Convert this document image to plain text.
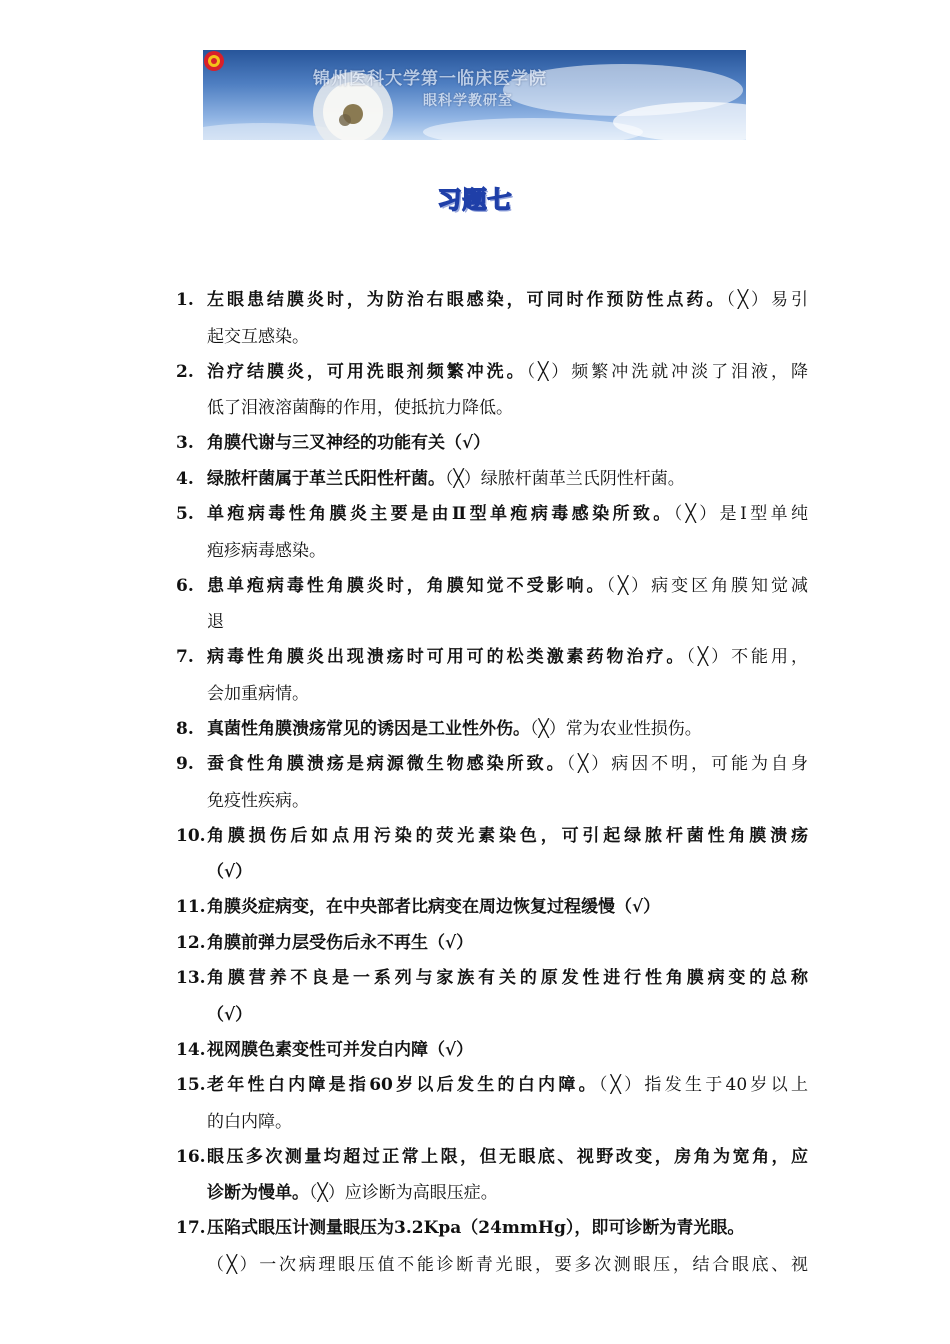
锦州医科大学第一临床医学院
眼科学教研室
习题七
1. 左眼患结膜炎时，为防治右眼感染，可同时作预防性点药。（╳）易引
起交互感染。
2. 治疗结膜炎，可用洗眼剂频繁冲洗。（╳）频繁冲洗就冲淡了泪液，降
低了泪液溶菌酶的作用，使抵抗力降低。
3. 角膜代谢与三叉神经的功能有关（√）
4. 绿脓杆菌属于革兰氏阳性杆菌。（╳）绿脓杆菌革兰氏阴性杆菌。
5. 单疱病毒性角膜炎主要是由Ⅱ型单疱病毒感染所致。（╳）是Ⅰ型单纯
疱疹病毒感染。
6. 患单疱病毒性角膜炎时，角膜知觉不受影响。（╳）病变区角膜知觉减
退
7. 病毒性角膜炎出现溃疡时可用可的松类激素药物治疗。（╳）不能用，
会加重病情。
8. 真菌性角膜溃疡常见的诱因是工业性外伤。（╳）常为农业性损伤。
9. 蚕食性角膜溃疡是病源微生物感染所致。（╳）病因不明，可能为自身
免疫性疾病。
10. 角膜损伤后如点用污染的荧光素染色，可引起绿脓杆菌性角膜溃疡
（√）
11. 角膜炎症病变，在中央部者比病变在周边恢复过程缓慢（√）
12. 角膜前弹力层受伤后永不再生（√）
13. 角膜营养不良是一系列与家族有关的原发性进行性角膜病变的总称
（√）
14. 视网膜色素变性可并发白内障（√）
15. 老年性白内障是指60岁以后发生的白内障。（╳）指发生于40岁以上
的白内障。
16. 眼压多次测量均超过正常上限，但无眼底、视野改变，房角为宽角，应
诊断为慢单。（╳）应诊断为高眼压症。
17. 压陷式眼压计测量眼压为3.2Kpa（24mmHg），即可诊断为青光眼。
（╳）一次病理眼压值不能诊断青光眼，要多次测眼压，结合眼底、视
